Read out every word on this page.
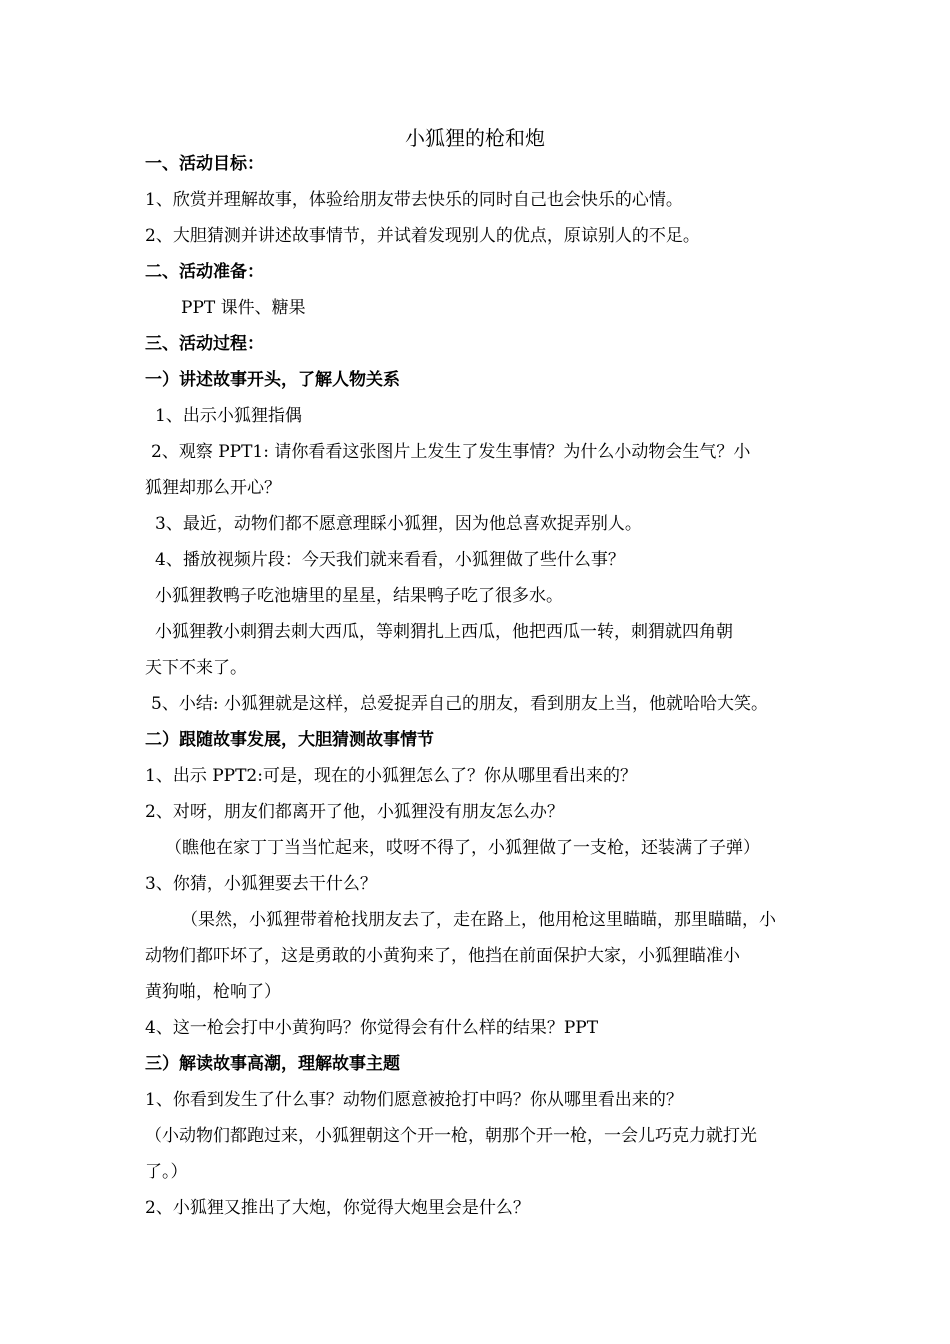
小狐狸的枪和炮
一、活动目标：
1、欣赏并理解故事，体验给朋友带去快乐的同时自己也会快乐的心情。
2、大胆猜测并讲述故事情节，并试着发现别人的优点，原谅别人的不足。
二、活动准备：
PPT 课件、糖果
三、活动过程：
一）讲述故事开头，了解人物关系
1、出示小狐狸指偶
2、观察 PPT1: 请你看看这张图片上发生了发生事情？为什么小动物会生气？小
狐狸却那么开心？
3、最近，动物们都不愿意理睬小狐狸，因为他总喜欢捉弄别人。
4、播放视频片段：今天我们就来看看，小狐狸做了些什么事？
小狐狸教鸭子吃池塘里的星星，结果鸭子吃了很多水。
小狐狸教小刺猬去刺大西瓜，等刺猬扎上西瓜，他把西瓜一转，刺猬就四角朝
天下不来了。
5、小结: 小狐狸就是这样，总爱捉弄自己的朋友，看到朋友上当，他就哈哈大笑。
二）跟随故事发展，大胆猜测故事情节
1、出示 PPT2:可是，现在的小狐狸怎么了？你从哪里看出来的？
2、对呀，朋友们都离开了他，小狐狸没有朋友怎么办？
（瞧他在家丁丁当当忙起来，哎呀不得了，小狐狸做了一支枪，还装满了子弹）
3、你猜，小狐狸要去干什么？
（果然，小狐狸带着枪找朋友去了，走在路上，他用枪这里瞄瞄，那里瞄瞄，小
动物们都吓坏了，这是勇敢的小黄狗来了，他挡在前面保护大家，小狐狸瞄准小
黄狗啪，枪响了）
4、这一枪会打中小黄狗吗？你觉得会有什么样的结果？PPT
三）解读故事高潮，理解故事主题
1、你看到发生了什么事？动物们愿意被抢打中吗？你从哪里看出来的？
（小动物们都跑过来，小狐狸朝这个开一枪，朝那个开一枪，一会儿巧克力就打光
了。）
2、小狐狸又推出了大炮，你觉得大炮里会是什么？
